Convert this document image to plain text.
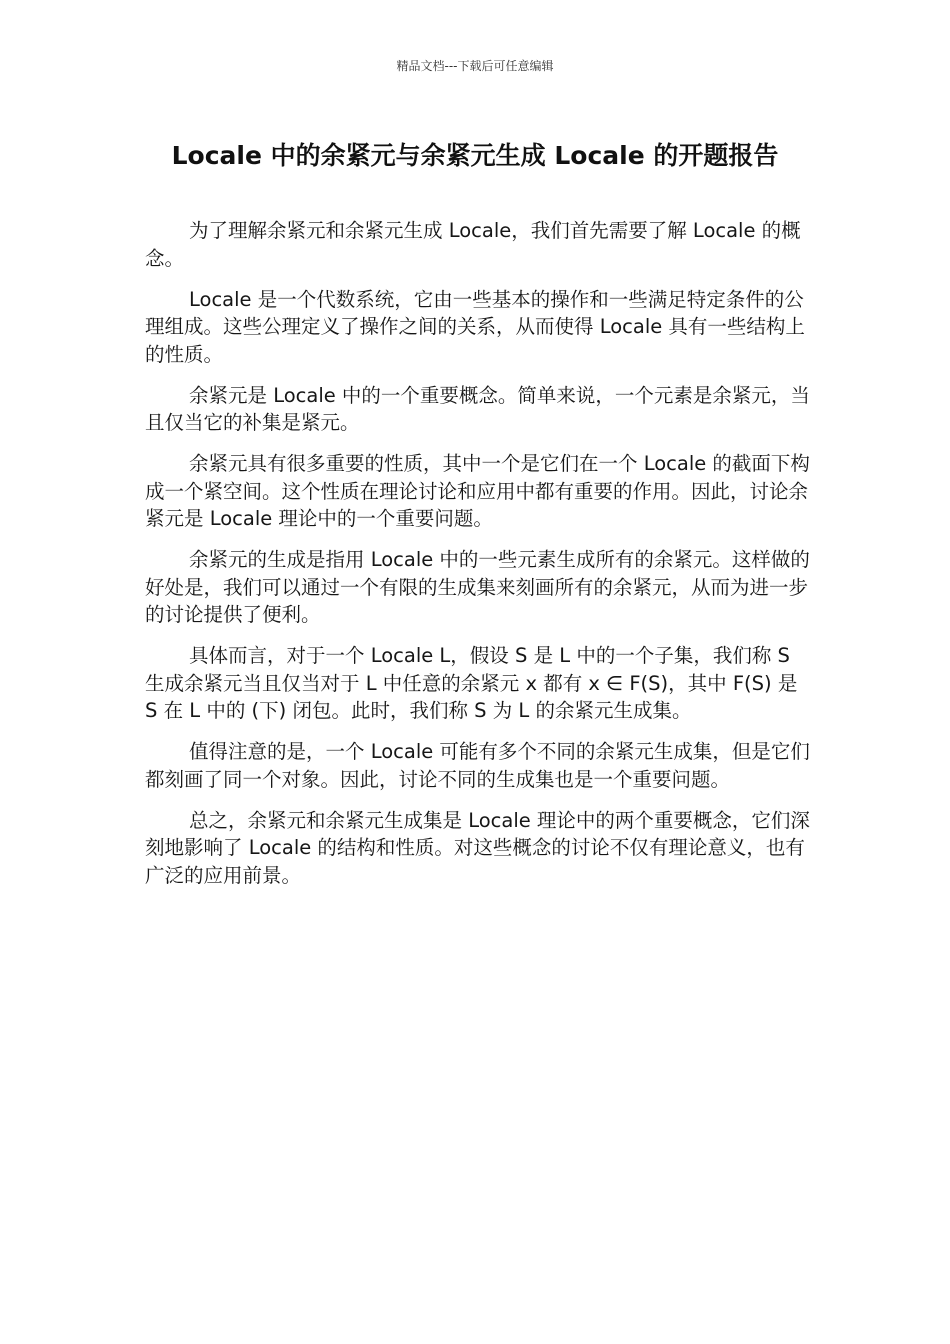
精品文档---下载后可任意编辑
Locale 中的余紧元与余紧元生成 Locale 的开题报告

为了理解余紧元和余紧元生成 Locale，我们首先需要了解 Locale 的概念。

Locale 是一个代数系统，它由一些基本的操作和一些满足特定条件的公理组成。这些公理定义了操作之间的关系，从而使得 Locale 具有一些结构上的性质。

余紧元是 Locale 中的一个重要概念。简单来说，一个元素是余紧元，当且仅当它的补集是紧元。

余紧元具有很多重要的性质，其中一个是它们在一个 Locale 的截面下构成一个紧空间。这个性质在理论讨论和应用中都有重要的作用。因此，讨论余紧元是 Locale 理论中的一个重要问题。

余紧元的生成是指用 Locale 中的一些元素生成所有的余紧元。这样做的好处是，我们可以通过一个有限的生成集来刻画所有的余紧元，从而为进一步的讨论提供了便利。

具体而言，对于一个 Locale L，假设 S 是 L 中的一个子集，我们称 S 生成余紧元当且仅当对于 L 中任意的余紧元 x 都有 x ∈ F(S)，其中 F(S) 是 S 在 L 中的 (下) 闭包。此时，我们称 S 为 L 的余紧元生成集。

值得注意的是，一个 Locale 可能有多个不同的余紧元生成集，但是它们都刻画了同一个对象。因此，讨论不同的生成集也是一个重要问题。

总之，余紧元和余紧元生成集是 Locale 理论中的两个重要概念，它们深刻地影响了 Locale 的结构和性质。对这些概念的讨论不仅有理论意义，也有广泛的应用前景。
